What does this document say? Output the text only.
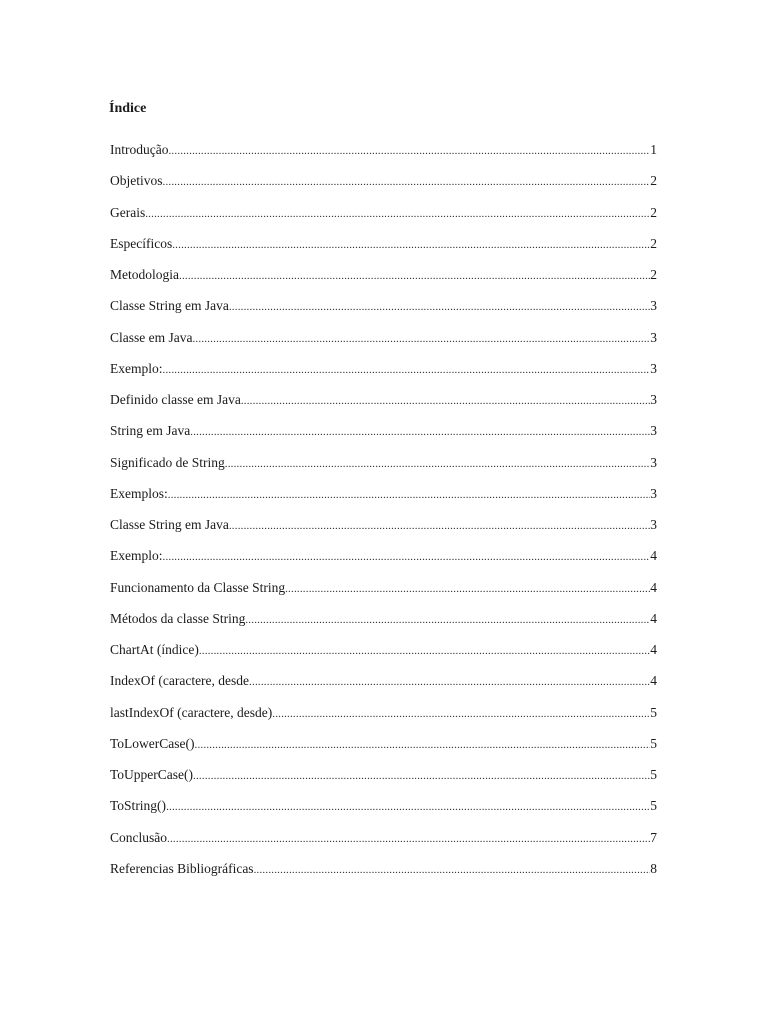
Índice
Introdução .....	1
Objetivos .....	2
Gerais .....	2
Específicos .....	2
Metodologia .....	2
Classe String em Java .....	3
Classe em Java .....	3
Exemplo: .....	3
Definido classe em Java .....	3
String em Java .....	3
Significado de String .....	3
Exemplos: .....	3
Classe String em Java .....	3
Exemplo: .....	4
Funcionamento da Classe String .....	4
Métodos da classe String .....	4
ChartAt (índice) .....	4
IndexOf (caractere, desde .....	4
lastIndexOf (caractere, desde) .....	5
ToLowerCase() .....	5
ToUpperCase() .....	5
ToString() .....	5
Conclusão .....	7
Referencias Bibliográficas .....	8
